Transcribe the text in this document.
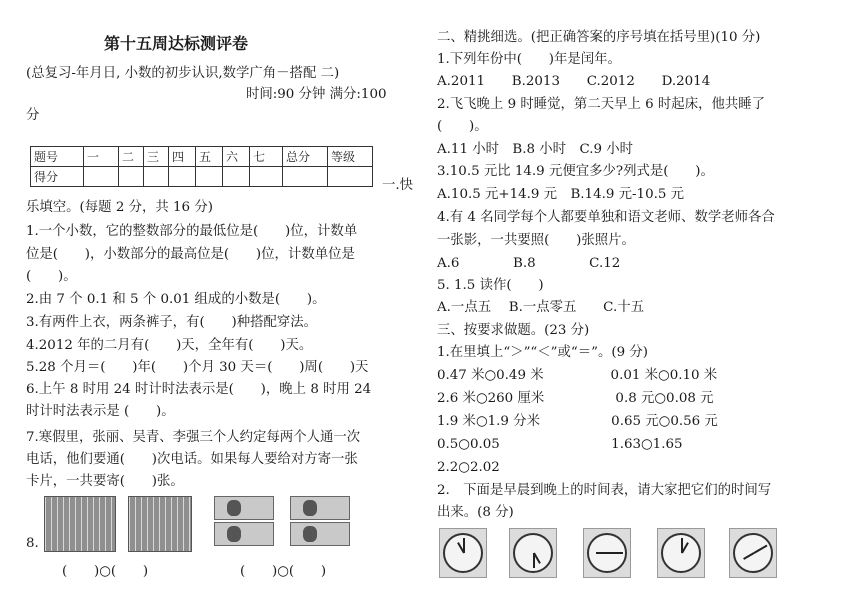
第十五周达标测评卷
(总复习-年月日, 小数的初步认识,数学广角－搭配 二)
时间:90 分钟 满分:100
分
题号	一	二	三	四	五	六	七	总分	等级
得分									
一.快
乐填空。(每题 2 分，共 16 分)
1.一个小数，它的整数部分的最低位是(　　)位，计数单
位是(　　)，小数部分的最高位是(　　)位，计数单位是
(　　)。
2.由 7 个 0.1 和 5 个 0.01 组成的小数是(　　)。
3.有两件上衣，两条裤子，有(　　)种搭配穿法。
4.2012 年的二月有(　　)天，全年有(　　)天。
5.28 个月＝(　　)年(　　)个月 30 天＝(　　)周(　　)天
6.上午 8 时用 24 时计时法表示是(　　)，晚上 8 时用 24
时计时法表示是 (　　)。
7.寒假里，张丽、吴青、李强三个人约定每两个人通一次
电话，他们要通(　　)次电话。如果每人要给对方寄一张
卡片，一共要寄(　　)张。
8.
(　　)○(　　)	(　　)○(　　)
二、精挑细选。(把正确答案的序号填在括号里)(10 分)
1.下列年份中(　　)年是闰年。
A.2011　　B.2013　　C.2012　　D.2014
2.飞飞晚上 9 时睡觉，第二天早上 6 时起床，他共睡了
(　　)。
A.11 小时　B.8 小时　C.9 小时
3.10.5 元比 14.9 元便宜多少?列式是(　　)。
A.10.5 元+14.9 元　B.14.9 元-10.5 元
4.有 4 名同学每个人都要单独和语文老师、数学老师各合
一张影，一共要照(　　)张照片。
A.6　　　　B.8　　　　C.12
5. 1.5 读作(　　)
A.一点五　 B.一点零五　　C.十五
三、按要求做题。(23 分)
1.在里填上“＞”“＜”或“＝”。(9 分)
0.47 米○0.49 米　　　　　0.01 米○0.10 米
2.6 米○260 厘米　　　　　 0.8 元○0.08 元
1.9 米○1.9 分米　　　　　 0.65 元○0.56 元
0.5○0.05　　　　　　　　 1.63○1.65
2.2○2.02
2.　下面是早晨到晚上的时间表，请大家把它们的时间写
出来。(8 分)
